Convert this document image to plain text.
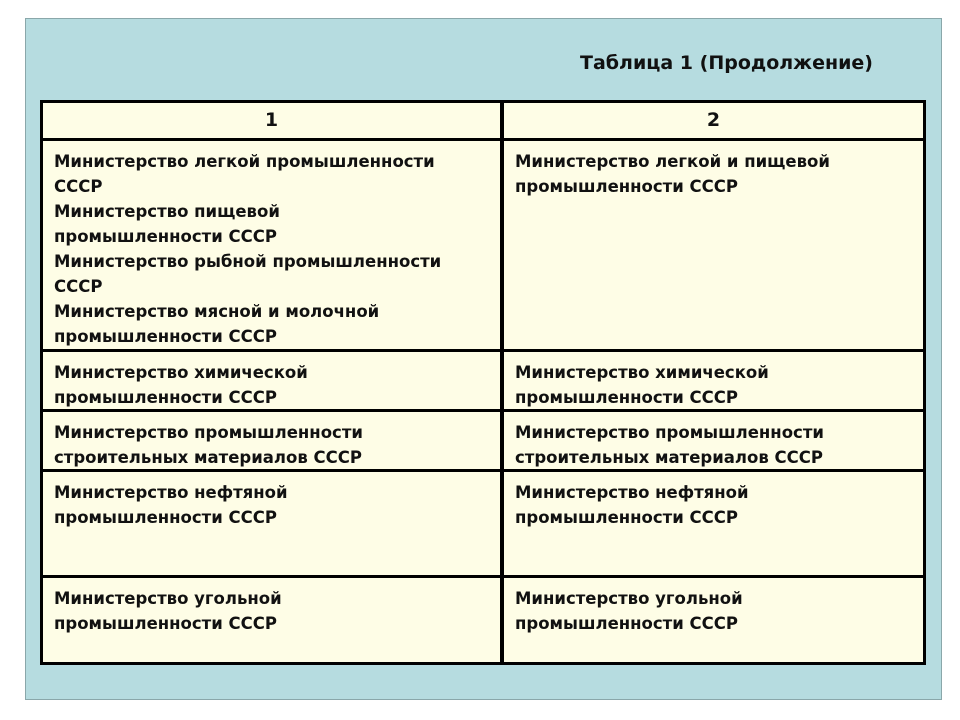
Таблица 1 (Продолжение)
1	2
Министерство легкой промышленности
СССР
Министерство пищевой
промышленности СССР
Министерство рыбной промышленности
СССР
Министерство мясной и молочной
промышленности СССР
Министерство легкой и пищевой
промышленности СССР
Министерство химической
промышленности СССР
Министерство химической
промышленности СССР
Министерство промышленности
строительных материалов СССР
Министерство промышленности
строительных материалов СССР
Министерство нефтяной
промышленности СССР
Министерство нефтяной
промышленности СССР
Министерство угольной
промышленности СССР
Министерство угольной
промышленности СССР
